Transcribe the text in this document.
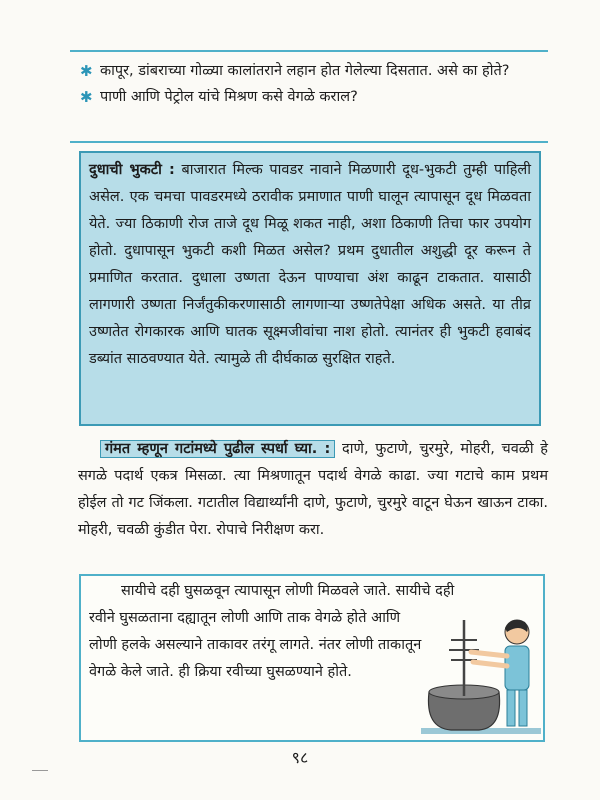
✱ कापूर, डांबराच्या गोळ्या कालांतराने लहान होत गेलेल्या दिसतात. असे का होते?
✱ पाणी आणि पेट्रोल यांचे मिश्रण कसे वेगळे कराल?
दुधाची भुकटी : बाजारात मिल्क पावडर नावाने मिळणारी दूध-भुकटी तुम्ही पाहिली असेल. एक चमचा पावडरमध्ये ठरावीक प्रमाणात पाणी घालून त्यापासून दूध मिळवता येते. ज्या ठिकाणी रोज ताजे दूध मिळू शकत नाही, अशा ठिकाणी तिचा फार उपयोग होतो. दुधापासून भुकटी कशी मिळत असेल? प्रथम दुधातील अशुद्धी दूर करून ते प्रमाणित करतात. दुधाला उष्णता देऊन पाण्याचा अंश काढून टाकतात. यासाठी लागणारी उष्णता निर्जंतुकीकरणासाठी लागणाऱ्या उष्णतेपेक्षा अधिक असते. या तीव्र उष्णतेत रोगकारक आणि घातक सूक्ष्मजीवांचा नाश होतो. त्यानंतर ही भुकटी हवाबंद डब्यांत साठवण्यात येते. त्यामुळे ती दीर्घकाळ सुरक्षित राहते.
गंमत म्हणून गटांमध्ये पुढील स्पर्धा घ्या. : दाणे, फुटाणे, चुरमुरे, मोहरी, चवळी हे सगळे पदार्थ एकत्र मिसळा. त्या मिश्रणातून पदार्थ वेगळे काढा. ज्या गटाचे काम प्रथम होईल तो गट जिंकला. गटातील विद्यार्थ्यांनी दाणे, फुटाणे, चुरमुरे वाटून घेऊन खाऊन टाका. मोहरी, चवळी कुंडीत पेरा. रोपाचे निरीक्षण करा.
सायीचे दही घुसळवून त्यापासून लोणी मिळवले जाते. सायीचे दही
रवीने घुसळताना दह्यातून लोणी आणि ताक वेगळे होते आणि लोणी हलके असल्याने ताकावर तरंगू लागते. नंतर लोणी ताकातून वेगळे केले जाते. ही क्रिया रवीच्या घुसळण्याने होते.
९८
